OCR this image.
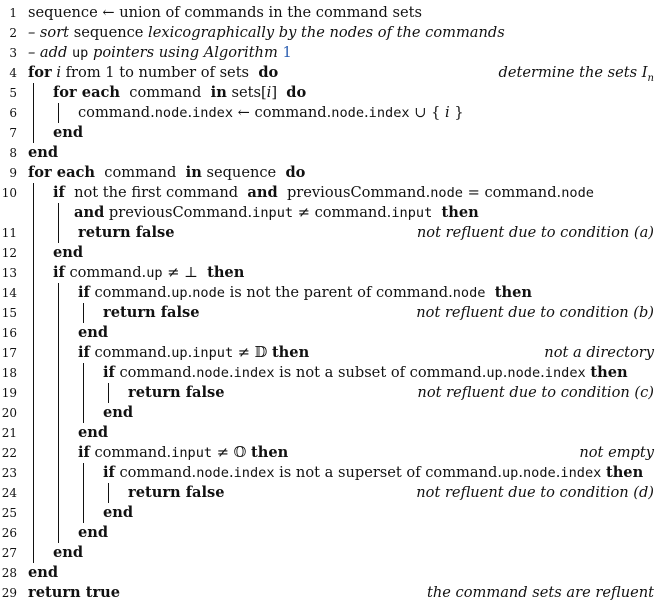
1 sequence ← union of commands in the command sets
2 – sort sequence lexicographically by the nodes of the commands
3 – add up pointers using Algorithm 1
4 for i from 1 to number of sets  do	determine the sets $I_n$
5 for each  command  in sets[i]  do
6	command.node.index ← command.node.index ∪ { i }
7 end
8 end
9 for each  command  in sequence  do
10 if  not the first command  and  previousCommand.node = command.node
and previousCommand.input ≠ command.input then
11	return false	not refluent due to condition (a)
12 end
13 if command.up ≠ ⊥  then
14	if command.up.node is not the parent of command.node then
15	return false	not refluent due to condition (b)
16	end
17	if command.up.input ≠ 𝔻 then	not a directory
18	if command.node.index is not a subset of command.up.node.index then
19	return false	not refluent due to condition (c)
20	end
21	end
22	if command.input ≠ 𝕆 then	not empty
23	if command.node.index is not a superset of command.up.node.index then
24	return false	not refluent due to condition (d)
25	end
26	end
27 end
28 end
29 return true	the command sets are refluent
